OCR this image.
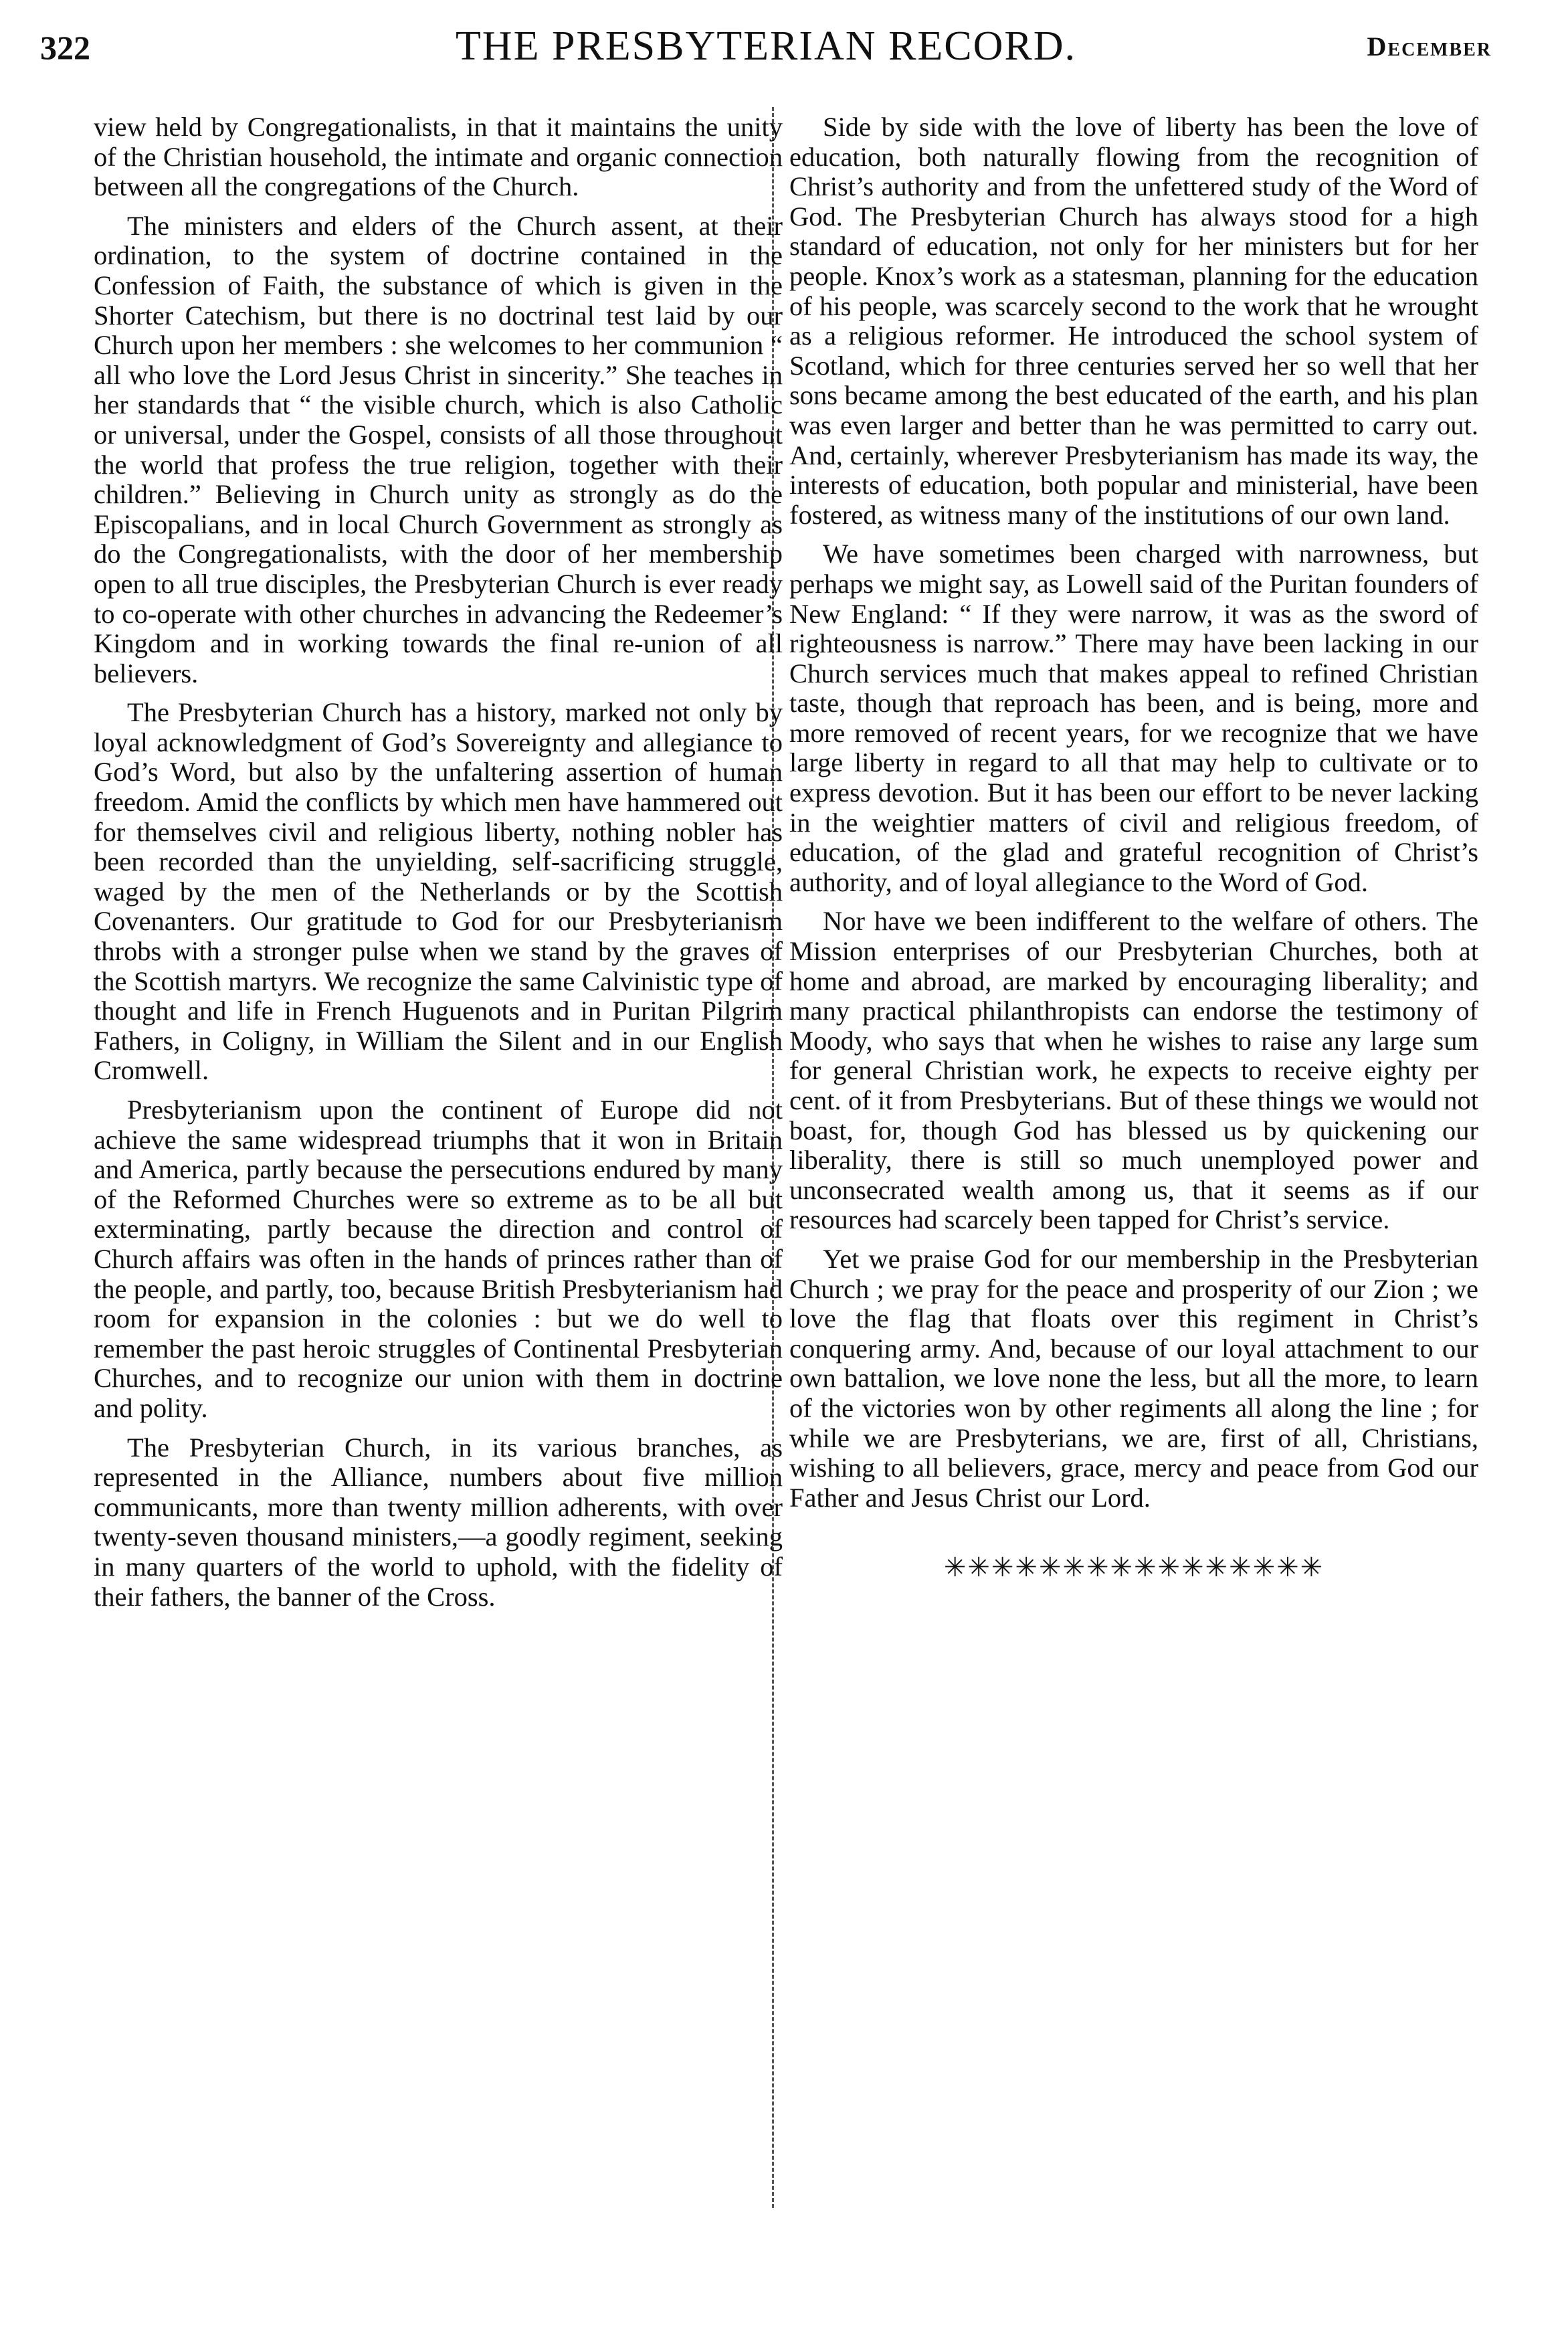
322	THE PRESBYTERIAN RECORD.	December

view held by Congregationalists, in that it maintains the unity of the Christian household, the intimate and organic connection between all the congregations of the Church.

The ministers and elders of the Church assent, at their ordination, to the system of doctrine contained in the Confession of Faith, the substance of which is given in the Shorter Catechism, but there is no doctrinal test laid by our Church upon her members : she welcomes to her communion “ all who love the Lord Jesus Christ in sincerity.” She teaches in her standards that “ the visible church, which is also Catholic or universal, under the Gospel, consists of all those throughout the world that profess the true religion, together with their children.” Believing in Church unity as strongly as do the Episcopalians, and in local Church Government as strongly as do the Congregationalists, with the door of her membership open to all true disciples, the Presbyterian Church is ever ready to co-operate with other churches in advancing the Redeemer’s Kingdom and in working towards the final re-union of all believers.

The Presbyterian Church has a history, marked not only by loyal acknowledgment of God’s Sovereignty and allegiance to God’s Word, but also by the unfaltering assertion of human freedom. Amid the conflicts by which men have hammered out for themselves civil and religious liberty, nothing nobler has been recorded than the unyielding, self-sacrificing struggle, waged by the men of the Netherlands or by the Scottish Covenanters. Our gratitude to God for our Presbyterianism throbs with a stronger pulse when we stand by the graves of the Scottish martyrs. We recognize the same Calvinistic type of thought and life in French Huguenots and in Puritan Pilgrim Fathers, in Coligny, in William the Silent and in our English Cromwell.

Presbyterianism upon the continent of Europe did not achieve the same widespread triumphs that it won in Britain and America, partly because the persecutions endured by many of the Reformed Churches were so extreme as to be all but exterminating, partly because the direction and control of Church affairs was often in the hands of princes rather than of the people, and partly, too, because British Presbyterianism had room for expansion in the colonies : but we do well to remember the past heroic struggles of Continental Presbyterian Churches, and to recognize our union with them in doctrine and polity.

The Presbyterian Church, in its various branches, as represented in the Alliance, numbers about five million communicants, more than twenty million adherents, with over twenty-seven thousand ministers,—a goodly regiment, seeking in many quarters of the world to uphold, with the fidelity of their fathers, the banner of the Cross.

Side by side with the love of liberty has been the love of education, both naturally flowing from the recognition of Christ’s authority and from the unfettered study of the Word of God. The Presbyterian Church has always stood for a high standard of education, not only for her ministers but for her people. Knox’s work as a statesman, planning for the education of his people, was scarcely second to the work that he wrought as a religious reformer. He introduced the school system of Scotland, which for three centuries served her so well that her sons became among the best educated of the earth, and his plan was even larger and better than he was permitted to carry out. And, certainly, wherever Presbyterianism has made its way, the interests of education, both popular and ministerial, have been fostered, as witness many of the institutions of our own land.

We have sometimes been charged with narrowness, but perhaps we might say, as Lowell said of the Puritan founders of New England: “ If they were narrow, it was as the sword of righteousness is narrow.” There may have been lacking in our Church services much that makes appeal to refined Christian taste, though that reproach has been, and is being, more and more removed of recent years, for we recognize that we have large liberty in regard to all that may help to cultivate or to express devotion. But it has been our effort to be never lacking in the weightier matters of civil and religious freedom, of education, of the glad and grateful recognition of Christ’s authority, and of loyal allegiance to the Word of God.

Nor have we been indifferent to the welfare of others. The Mission enterprises of our Presbyterian Churches, both at home and abroad, are marked by encouraging liberality; and many practical philanthropists can endorse the testimony of Moody, who says that when he wishes to raise any large sum for general Christian work, he expects to receive eighty per cent. of it from Presbyterians. But of these things we would not boast, for, though God has blessed us by quickening our liberality, there is still so much unemployed power and unconsecrated wealth among us, that it seems as if our resources had scarcely been tapped for Christ’s service.

Yet we praise God for our membership in the Presbyterian Church ; we pray for the peace and prosperity of our Zion ; we love the flag that floats over this regiment in Christ’s conquering army. And, because of our loyal attachment to our own battalion, we love none the less, but all the more, to learn of the victories won by other regiments all along the line ; for while we are Presbyterians, we are, first of all, Christians, wishing to all believers, grace, mercy and peace from God our Father and Jesus Christ our Lord.

✳✳✳✳✳✳✳✳✳✳✳✳✳✳✳✳
